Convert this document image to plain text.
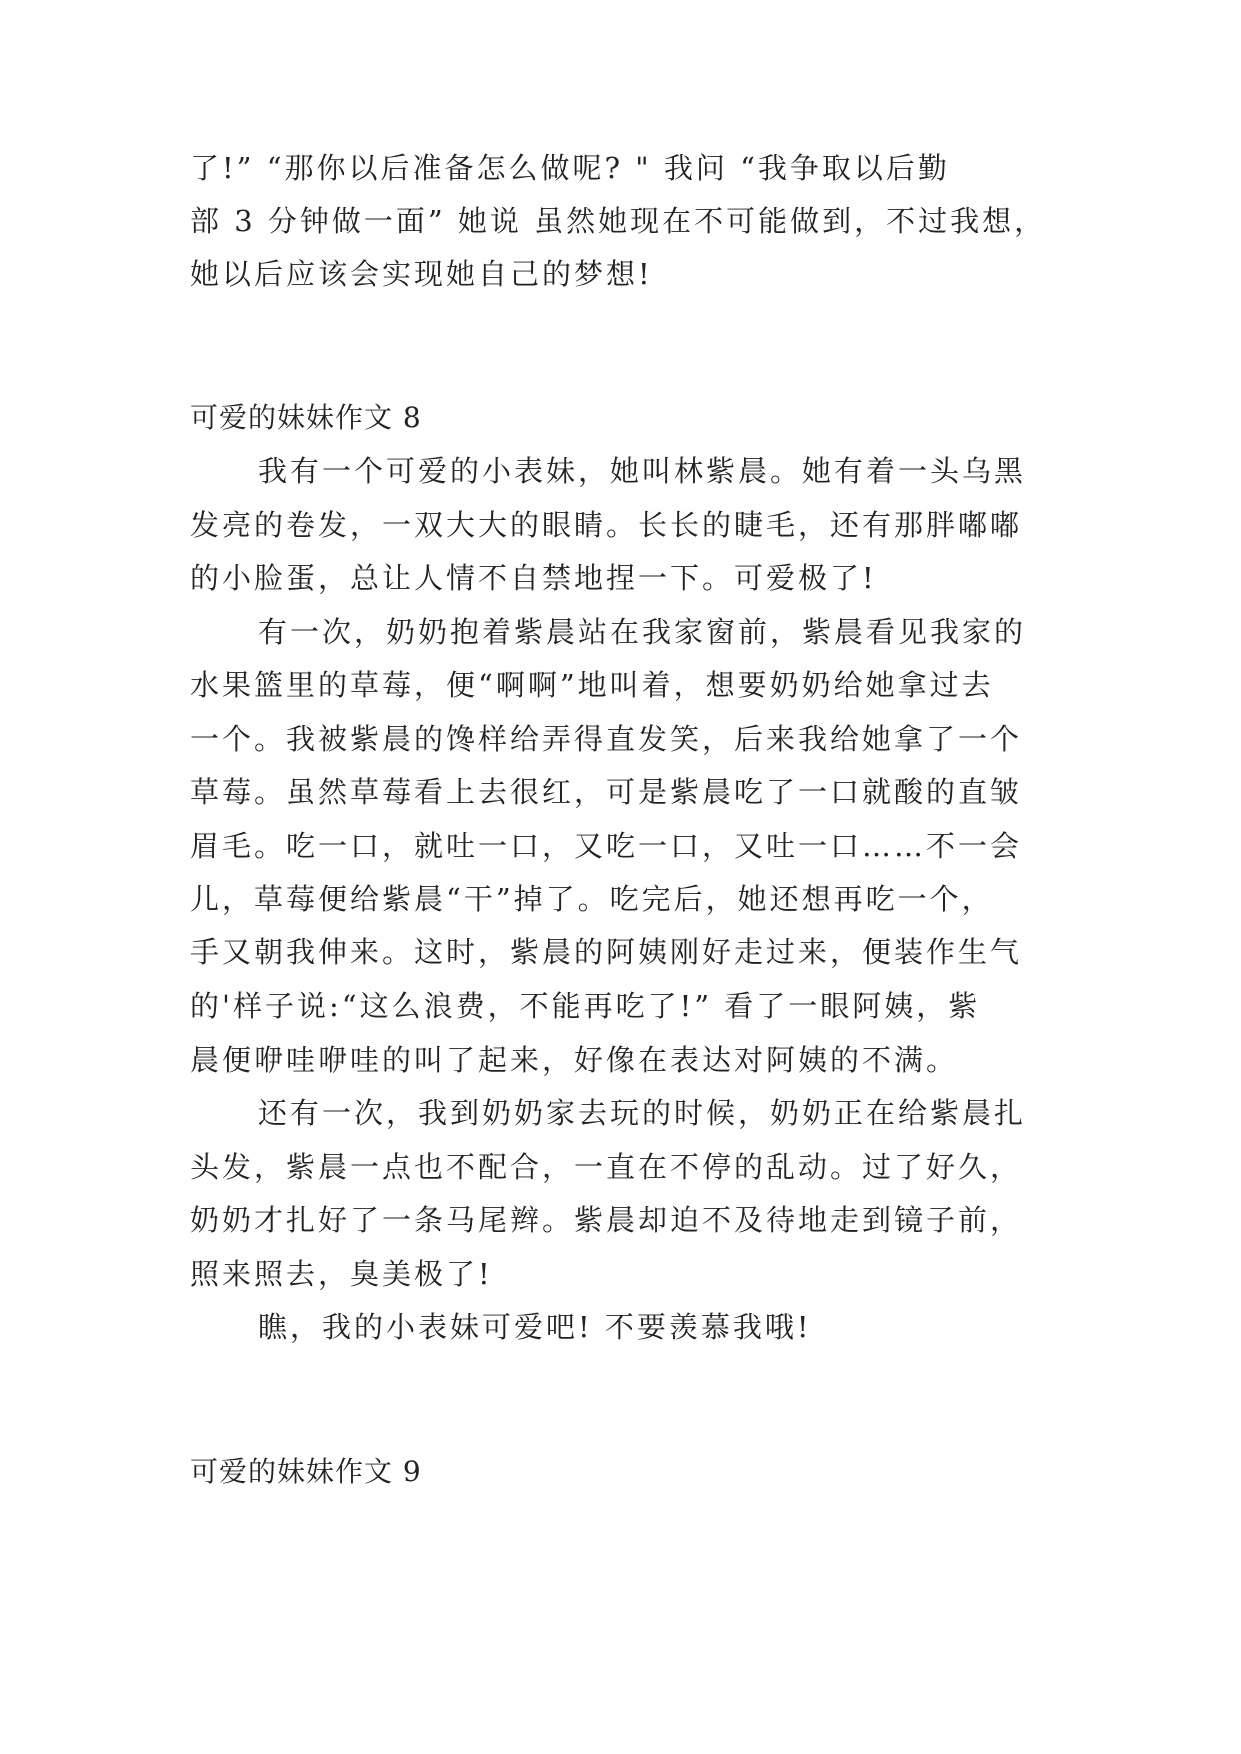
了!” “那你以后准备怎么做呢? " 我问 “我争取以后勤
部 3 分钟做一面” 她说 虽然她现在不可能做到，不过我想，
她以后应该会实现她自己的梦想!
可爱的妹妹作文 8
我有一个可爱的小表妹，她叫林紫晨。她有着一头乌黑
发亮的卷发，一双大大的眼睛。长长的睫毛，还有那胖嘟嘟
的小脸蛋，总让人情不自禁地捏一下。可爱极了!
有一次，奶奶抱着紫晨站在我家窗前，紫晨看见我家的
水果篮里的草莓，便“啊啊”地叫着，想要奶奶给她拿过去
一个。我被紫晨的馋样给弄得直发笑，后来我给她拿了一个
草莓。虽然草莓看上去很红，可是紫晨吃了一口就酸的直皱
眉毛。吃一口，就吐一口，又吃一口，又吐一口……不一会
儿，草莓便给紫晨“干”掉了。吃完后，她还想再吃一个，
手又朝我伸来。这时，紫晨的阿姨刚好走过来，便装作生气
的'样子说:“这么浪费，不能再吃了!” 看了一眼阿姨，紫
晨便咿哇咿哇的叫了起来，好像在表达对阿姨的不满。
还有一次，我到奶奶家去玩的时候，奶奶正在给紫晨扎
头发，紫晨一点也不配合，一直在不停的乱动。过了好久，
奶奶才扎好了一条马尾辫。紫晨却迫不及待地走到镜子前，
照来照去，臭美极了!
瞧，我的小表妹可爱吧! 不要羡慕我哦!
可爱的妹妹作文 9
